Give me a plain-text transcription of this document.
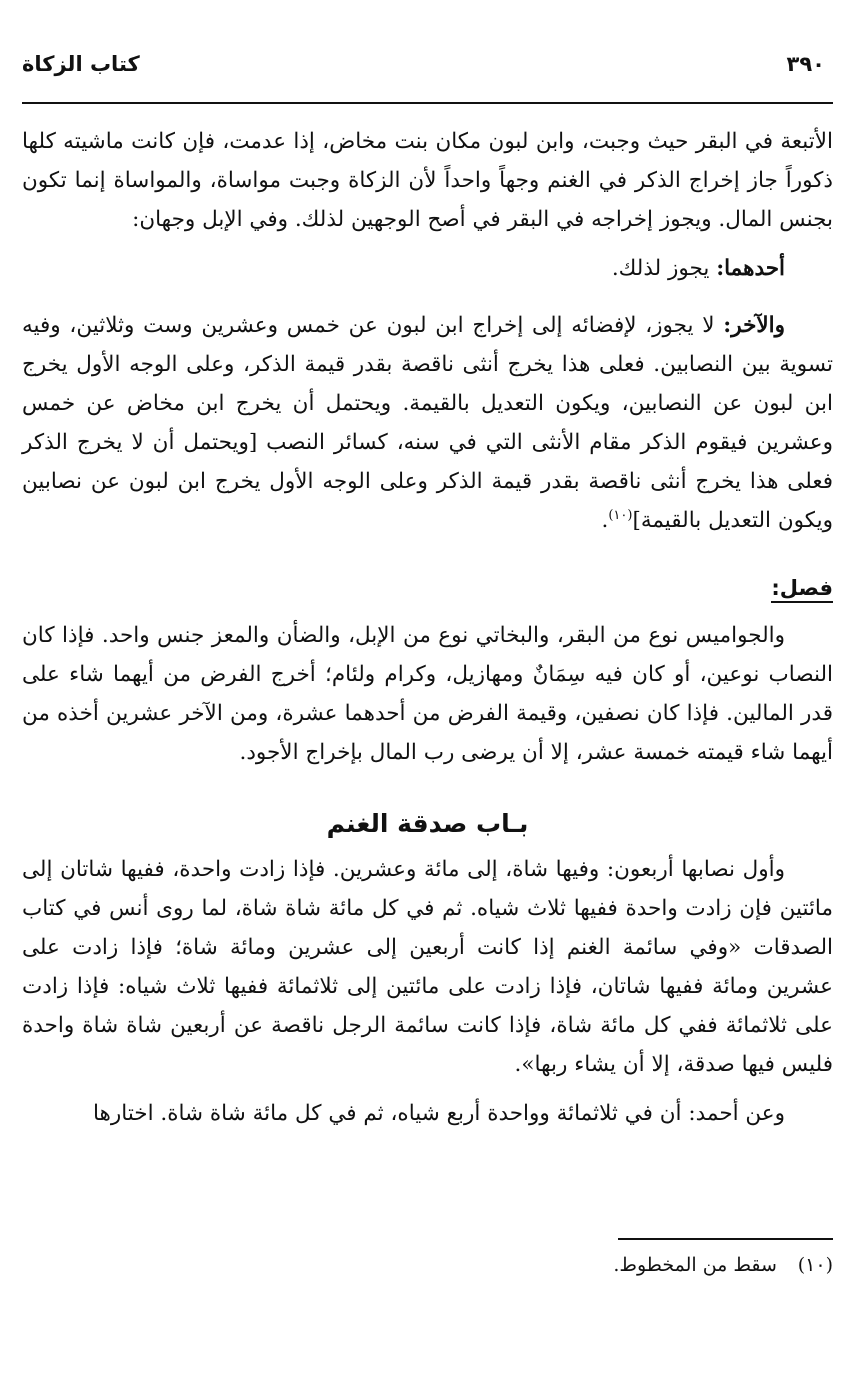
٣٩٠
كتاب الزكاة

الأتبعة في البقر حيث وجبت، وابن لبون مكان بنت مخاض، إذا عدمت، فإن كانت ماشيته كلها ذكوراً جاز إخراج الذكر في الغنم وجهاً واحداً لأن الزكاة وجبت مواساة، والمواساة إنما تكون بجنس المال. ويجوز إخراجه في البقر في أصح الوجهين لذلك. وفي الإبل وجهان:

أحدهما: يجوز لذلك.

والآخر: لا يجوز، لإفضائه إلى إخراج ابن لبون عن خمس وعشرين وست وثلاثين، وفيه تسوية بين النصابين. فعلى هذا يخرج أنثى ناقصة بقدر قيمة الذكر، وعلى الوجه الأول يخرج ابن لبون عن النصابين، ويكون التعديل بالقيمة. ويحتمل أن يخرج ابن مخاض عن خمس وعشرين فيقوم الذكر مقام الأنثى التي في سنه، كسائر النصب [ويحتمل أن لا يخرج الذكر فعلى هذا يخرج أنثى ناقصة بقدر قيمة الذكر وعلى الوجه الأول يخرج ابن لبون عن نصابين ويكون التعديل بالقيمة]$^{(١٠)}$.

فصل:

والجواميس نوع من البقر، والبخاتي نوع من الإبل، والضأن والمعز جنس واحد. فإذا كان النصاب نوعين، أو كان فيه سِمَانٌ ومهازيل، وكرام ولئام؛ أخرج الفرض من أيهما شاء على قدر المالين. فإذا كان نصفين، وقيمة الفرض من أحدهما عشرة، ومن الآخر عشرين أخذه من أيهما شاء قيمته خمسة عشر، إلا أن يرضى رب المال بإخراج الأجود.

بـاب صدقة الغنم

وأول نصابها أربعون: وفيها شاة، إلى مائة وعشرين. فإذا زادت واحدة، ففيها شاتان إلى مائتين فإن زادت واحدة ففيها ثلاث شياه. ثم في كل مائة شاة شاة، لما روى أنس في كتاب الصدقات «وفي سائمة الغنم إذا كانت أربعين إلى عشرين ومائة شاة؛ فإذا زادت على عشرين ومائة ففيها شاتان، فإذا زادت على مائتين إلى ثلاثمائة ففيها ثلاث شياه: فإذا زادت على ثلاثمائة ففي كل مائة شاة، فإذا كانت سائمة الرجل ناقصة عن أربعين شاة شاة واحدة فليس فيها صدقة، إلا أن يشاء ربها».

وعن أحمد: أن في ثلاثمائة وواحدة أربع شياه، ثم في كل مائة شاة شاة. اختارها

(١٠) سقط من المخطوط.
